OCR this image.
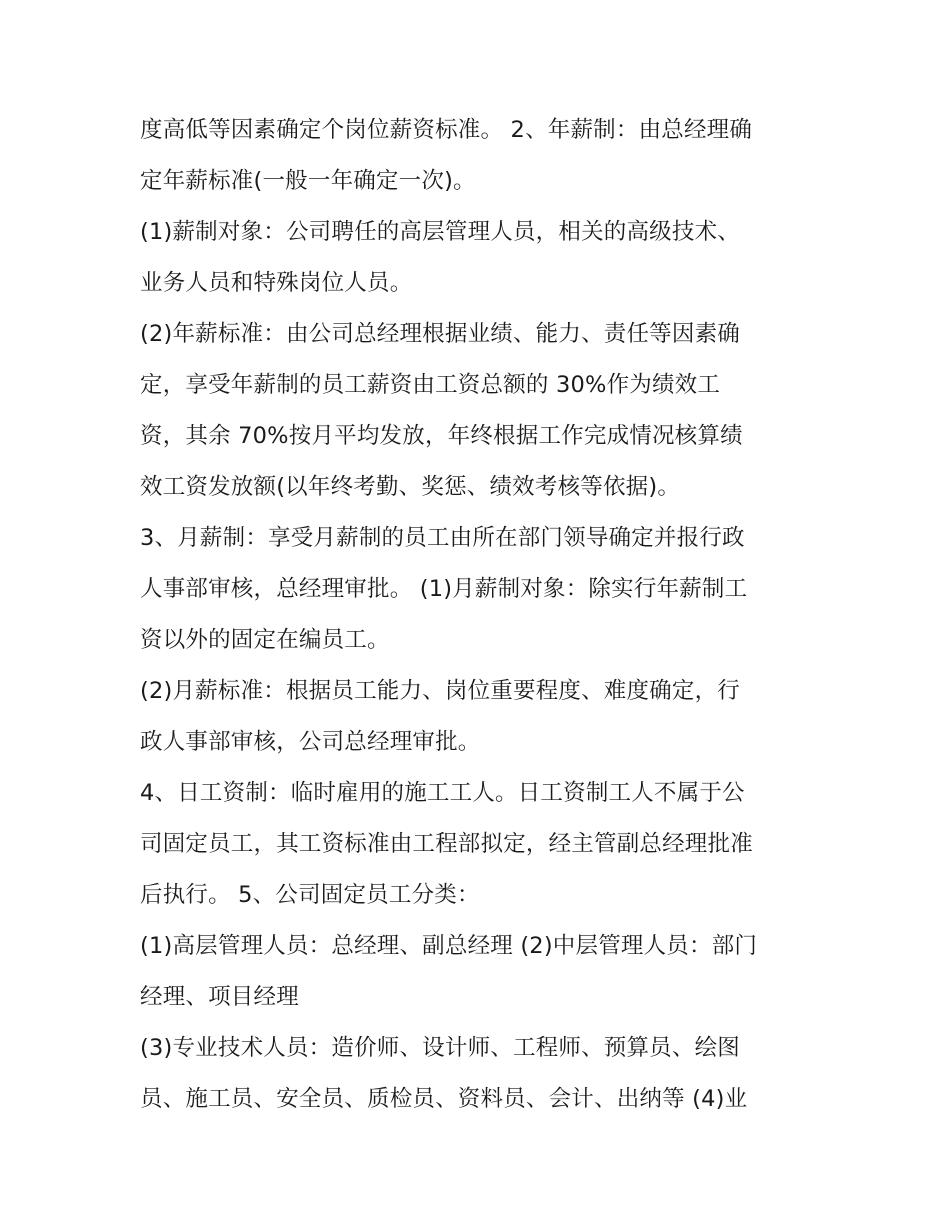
度高低等因素确定个岗位薪资标准。 2、年薪制：由总经理确
定年薪标准(一般一年确定一次)。
(1)薪制对象：公司聘任的高层管理人员，相关的高级技术、
业务人员和特殊岗位人员。
(2)年薪标准：由公司总经理根据业绩、能力、责任等因素确
定，享受年薪制的员工薪资由工资总额的 30%作为绩效工
资，其余 70%按月平均发放，年终根据工作完成情况核算绩
效工资发放额(以年终考勤、奖惩、绩效考核等依据)。
3、月薪制：享受月薪制的员工由所在部门领导确定并报行政
人事部审核，总经理审批。 (1)月薪制对象：除实行年薪制工
资以外的固定在编员工。
(2)月薪标准：根据员工能力、岗位重要程度、难度确定，行
政人事部审核，公司总经理审批。
4、日工资制：临时雇用的施工工人。日工资制工人不属于公
司固定员工，其工资标准由工程部拟定，经主管副总经理批准
后执行。 5、公司固定员工分类：
(1)高层管理人员：总经理、副总经理 (2)中层管理人员：部门
经理、项目经理
(3)专业技术人员：造价师、设计师、工程师、预算员、绘图
员、施工员、安全员、质检员、资料员、会计、出纳等 (4)业
